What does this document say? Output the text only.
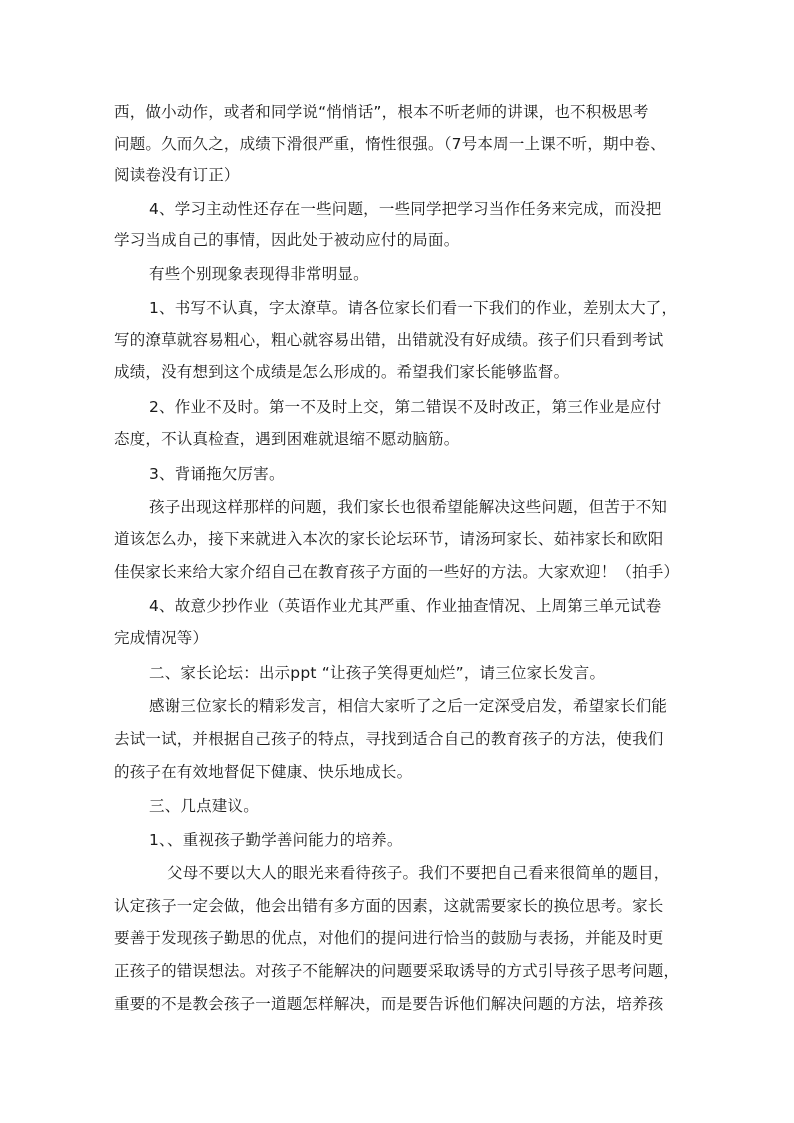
西，做小动作，或者和同学说“悄悄话”，根本不听老师的讲课，也不积极思考
问题。久而久之，成绩下滑很严重，惰性很强。（7号本周一上课不听，期中卷、
阅读卷没有订正）
4、学习主动性还存在一些问题，一些同学把学习当作任务来完成，而没把
学习当成自己的事情，因此处于被动应付的局面。
有些个别现象表现得非常明显。
1、书写不认真，字太潦草。请各位家长们看一下我们的作业，差别太大了，
写的潦草就容易粗心，粗心就容易出错，出错就没有好成绩。孩子们只看到考试
成绩，没有想到这个成绩是怎么形成的。希望我们家长能够监督。
2、作业不及时。第一不及时上交，第二错误不及时改正，第三作业是应付
态度，不认真检查，遇到困难就退缩不愿动脑筋。
3、背诵拖欠厉害。
孩子出现这样那样的问题，我们家长也很希望能解决这些问题，但苦于不知
道该怎么办，接下来就进入本次的家长论坛环节，请汤珂家长、茹祎家长和欧阳
佳俣家长来给大家介绍自己在教育孩子方面的一些好的方法。大家欢迎！（拍手）
4、故意少抄作业（英语作业尤其严重、作业抽查情况、上周第三单元试卷
完成情况等）
二、家长论坛：出示ppt “让孩子笑得更灿烂”，请三位家长发言。
感谢三位家长的精彩发言，相信大家听了之后一定深受启发，希望家长们能
去试一试，并根据自己孩子的特点，寻找到适合自己的教育孩子的方法，使我们
的孩子在有效地督促下健康、快乐地成长。
三、几点建议。
1、、重视孩子勤学善问能力的培养。
父母不要以大人的眼光来看待孩子。我们不要把自己看来很简单的题目，
认定孩子一定会做，他会出错有多方面的因素，这就需要家长的换位思考。家长
要善于发现孩子勤思的优点，对他们的提问进行恰当的鼓励与表扬，并能及时更
正孩子的错误想法。对孩子不能解决的问题要采取诱导的方式引导孩子思考问题，
重要的不是教会孩子一道题怎样解决，而是要告诉他们解决问题的方法，培养孩
